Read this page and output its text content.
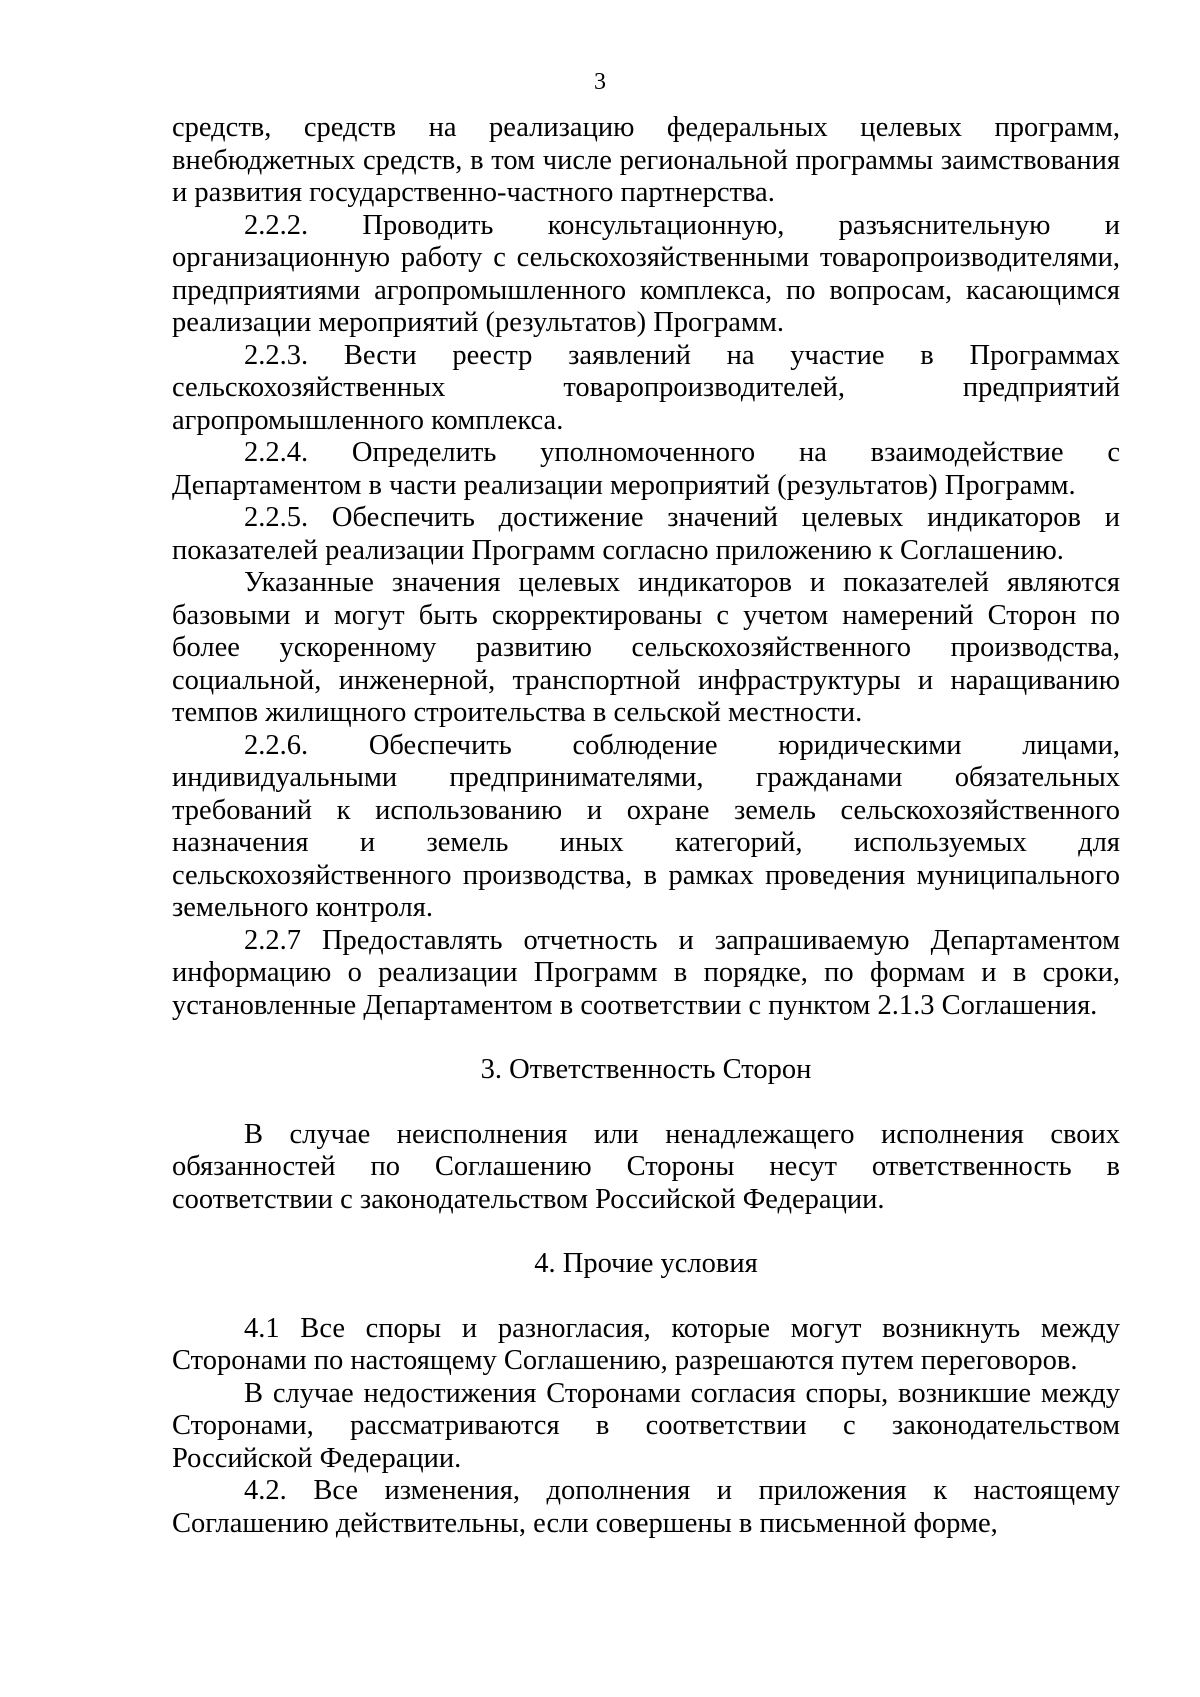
3

средств, средств на реализацию федеральных целевых программ, внебюджетных средств, в том числе региональной программы заимствования и развития государственно-частного партнерства.

2.2.2. Проводить консультационную, разъяснительную и организационную работу с сельскохозяйственными товаропроизводителями, предприятиями агропромышленного комплекса, по вопросам, касающимся реализации мероприятий (результатов) Программ.

2.2.3. Вести реестр заявлений на участие в Программах сельскохозяйственных товаропроизводителей, предприятий агропромышленного комплекса.

2.2.4. Определить уполномоченного на взаимодействие с Департаментом в части реализации мероприятий (результатов) Программ.

2.2.5. Обеспечить достижение значений целевых индикаторов и показателей реализации Программ согласно приложению к Соглашению.

Указанные значения целевых индикаторов и показателей являются базовыми и могут быть скорректированы с учетом намерений Сторон по более ускоренному развитию сельскохозяйственного производства, социальной, инженерной, транспортной инфраструктуры и наращиванию темпов жилищного строительства в сельской местности.

2.2.6. Обеспечить соблюдение юридическими лицами, индивидуальными предпринимателями, гражданами обязательных требований к использованию и охране земель сельскохозяйственного назначения и земель иных категорий, используемых для сельскохозяйственного производства, в рамках проведения муниципального земельного контроля.

2.2.7 Предоставлять отчетность и запрашиваемую Департаментом информацию о реализации Программ в порядке, по формам и в сроки, установленные Департаментом в соответствии с пунктом 2.1.3 Соглашения.

3. Ответственность Сторон

В случае неисполнения или ненадлежащего исполнения своих обязанностей по Соглашению Стороны несут ответственность в соответствии с законодательством Российской Федерации.

4. Прочие условия

4.1 Все споры и разногласия, которые могут возникнуть между Сторонами по настоящему Соглашению, разрешаются путем переговоров.

В случае недостижения Сторонами согласия споры, возникшие между Сторонами, рассматриваются в соответствии с законодательством Российской Федерации.

4.2. Все изменения, дополнения и приложения к настоящему Соглашению действительны, если совершены в письменной форме,
